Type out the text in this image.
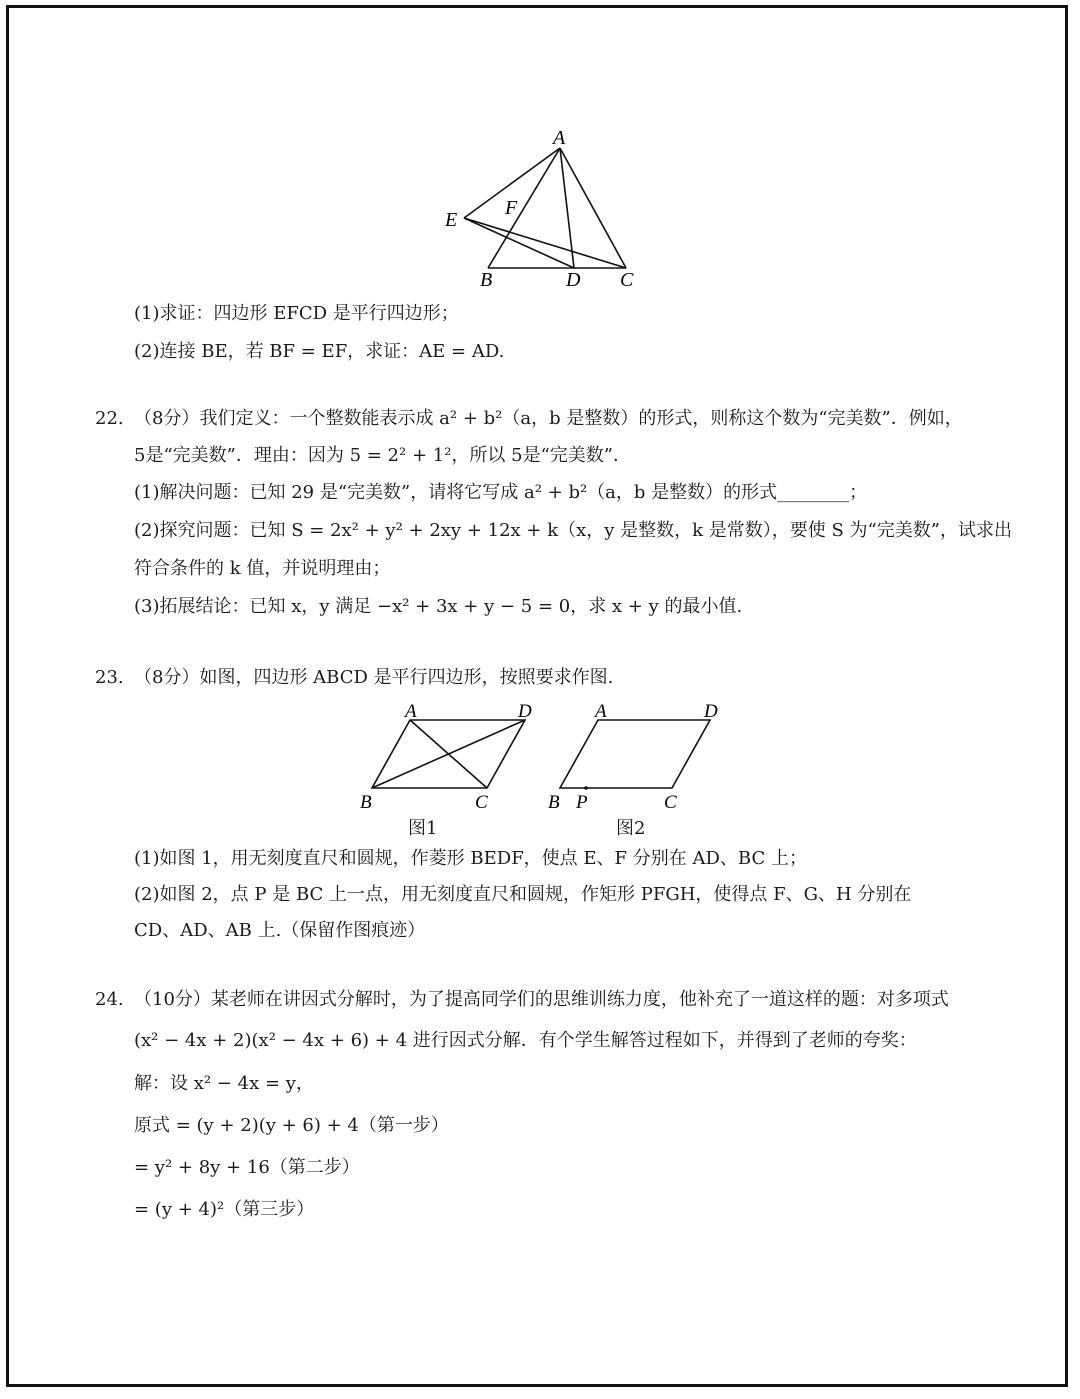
A
E
F
B	D C
(1)求证：四边形 EFCD 是平行四边形；
(2)连接 BE，若 BF = EF，求证：AE = AD.
22. （8分）我们定义：一个整数能表示成 a² + b²（a，b 是整数）的形式，则称这个数为“完美数”．例如，
5是“完美数”．理由：因为 5 = 2² + 1²，所以 5是“完美数”．
(1)解决问题：已知 29 是“完美数”，请将它写成 a² + b²（a，b 是整数）的形式________；
(2)探究问题：已知 S = 2x² + y² + 2xy + 12x + k（x，y 是整数，k 是常数），要使 S 为“完美数”，试求出
符合条件的 k 值，并说明理由；
(3)拓展结论：已知 x，y 满足 −x² + 3x + y − 5 = 0，求 x + y 的最小值.
23. （8分）如图，四边形 ABCD 是平行四边形，按照要求作图.
A	D
B	C
图1
A	D
B P	C
图2
(1)如图 1，用无刻度直尺和圆规，作菱形 BEDF，使点 E、F 分别在 AD、BC 上；
(2)如图 2，点 P 是 BC 上一点，用无刻度直尺和圆规，作矩形 PFGH，使得点 F、G、H 分别在
CD、AD、AB 上.（保留作图痕迹）
24. （10分）某老师在讲因式分解时，为了提高同学们的思维训练力度，他补充了一道这样的题：对多项式
(x² − 4x + 2)(x² − 4x + 6) + 4 进行因式分解．有个学生解答过程如下，并得到了老师的夸奖：
解：设 x² − 4x = y，
原式 = (y + 2)(y + 6) + 4（第一步）
= y² + 8y + 16（第二步）
= (y + 4)²（第三步）
